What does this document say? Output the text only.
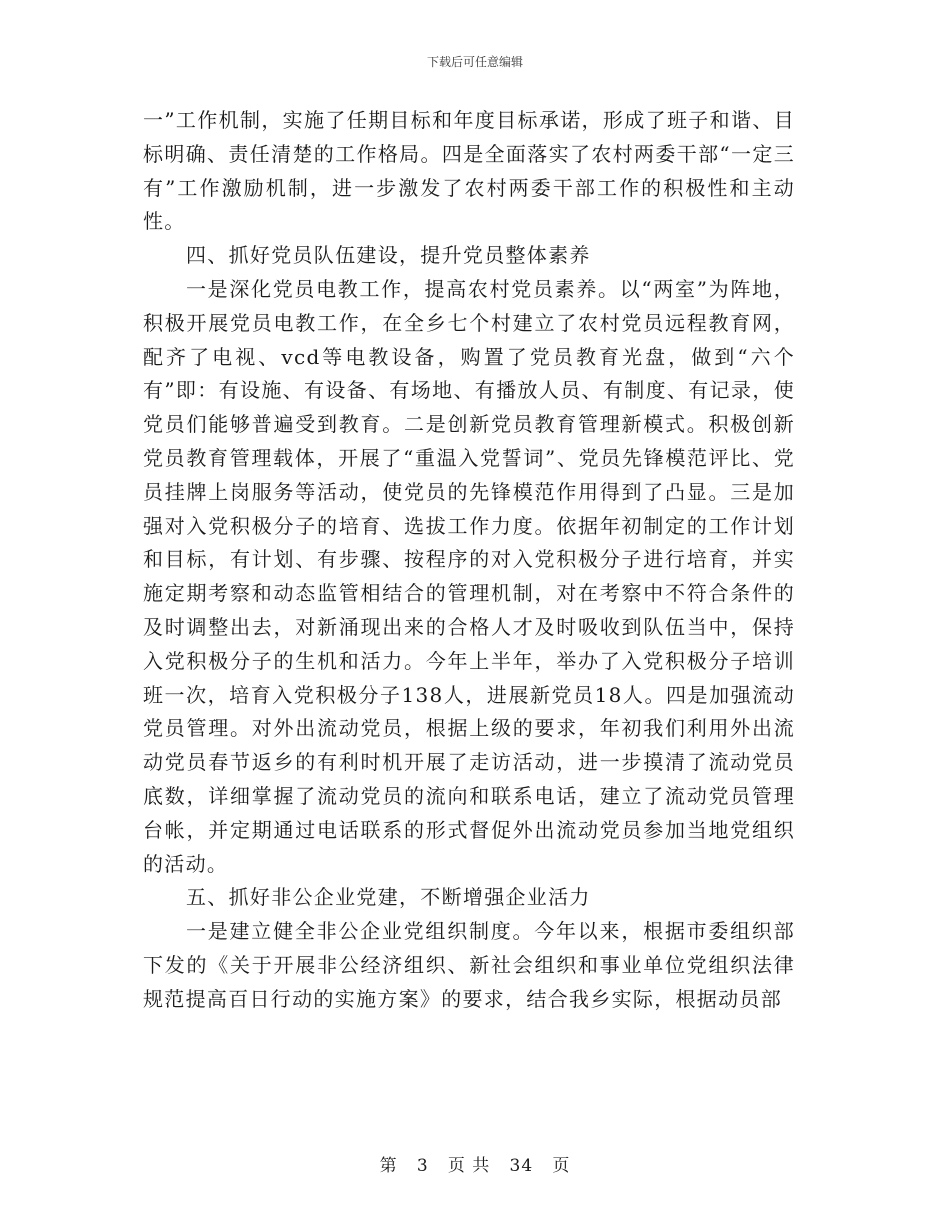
下载后可任意编辑

一”工作机制，实施了任期目标和年度目标承诺，形成了班子和谐、目标明确、责任清楚的工作格局。四是全面落实了农村两委干部“一定三有”工作激励机制，进一步激发了农村两委干部工作的积极性和主动性。

四、抓好党员队伍建设，提升党员整体素养

一是深化党员电教工作，提高农村党员素养。以“两室”为阵地，积极开展党员电教工作，在全乡七个村建立了农村党员远程教育网，配齐了电视、vcd等电教设备，购置了党员教育光盘，做到“六个有”即：有设施、有设备、有场地、有播放人员、有制度、有记录，使党员们能够普遍受到教育。二是创新党员教育管理新模式。积极创新党员教育管理载体，开展了“重温入党誓词”、党员先锋模范评比、党员挂牌上岗服务等活动，使党员的先锋模范作用得到了凸显。三是加强对入党积极分子的培育、选拔工作力度。依据年初制定的工作计划和目标，有计划、有步骤、按程序的对入党积极分子进行培育，并实施定期考察和动态监管相结合的管理机制，对在考察中不符合条件的及时调整出去，对新涌现出来的合格人才及时吸收到队伍当中，保持入党积极分子的生机和活力。今年上半年，举办了入党积极分子培训班一次，培育入党积极分子138人，进展新党员18人。四是加强流动党员管理。对外出流动党员，根据上级的要求，年初我们利用外出流动党员春节返乡的有利时机开展了走访活动，进一步摸清了流动党员底数，详细掌握了流动党员的流向和联系电话，建立了流动党员管理台帐，并定期通过电话联系的形式督促外出流动党员参加当地党组织的活动。

五、抓好非公企业党建，不断增强企业活力

一是建立健全非公企业党组织制度。今年以来，根据市委组织部下发的《关于开展非公经济组织、新社会组织和事业单位党组织法律规范提高百日行动的实施方案》的要求，结合我乡实际，根据动员部

第 3 页 共 34 页
